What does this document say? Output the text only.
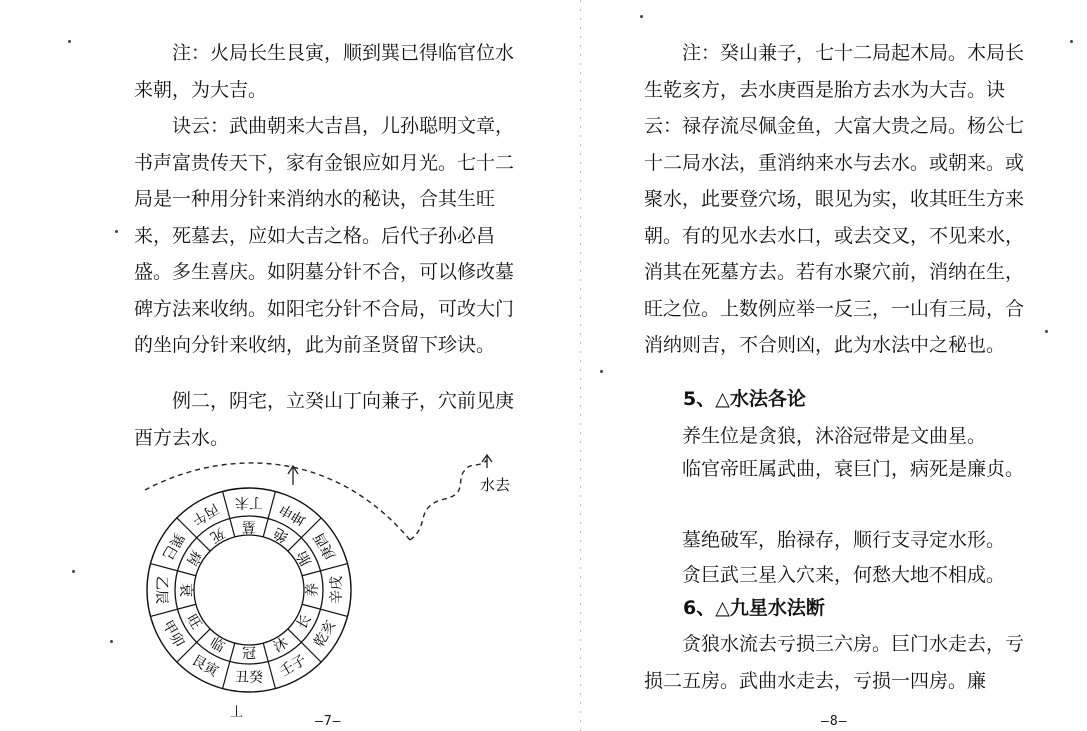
　　注：火局长生艮寅，顺到巽已得临官位水来朝，为大吉。
　　诀云：武曲朝来大吉昌，儿孙聪明文章，书声富贵传天下，家有金银应如月光。七十二局是一种用分针来消纳水的秘诀，合其生旺来，死墓去，应如大吉之格。后代子孙必昌盛。多生喜庆。如阴墓分针不合，可以修改墓碑方法来收纳。如阳宅分针不合局，可改大门的坐向分针来收纳，此为前圣贤留下珍诀。
　　例二，阴宅，立癸山丁向兼子，穴前见庚酉方去水。
水去
丁未 坤申
庚酉
辛戌
乾亥
壬子
丑癸
艮寅
甲卯
乙辰
巽巳
丙午 墓 绝
胎
养
长
沐
冠
临
旺
衰
病
死
丄
—7—
　　注：癸山兼子，七十二局起木局。木局长生乾亥方，去水庚酉是胎方去水为大吉。诀云：禄存流尽佩金鱼，大富大贵之局。杨公七十二局水法，重消纳来水与去水。或朝来。或聚水，此要登穴场，眼见为实，收其旺生方来朝。有的见水去水口，或去交叉，不见来水，消其在死墓方去。若有水聚穴前，消纳在生，旺之位。上数例应举一反三，一山有三局，合消纳则吉，不合则凶，此为水法中之秘也。
5、△水法各论
　　养生位是贪狼，沐浴冠带是文曲星。
　　临官帝旺属武曲，衰巨门，病死是廉贞。
　　墓绝破军，胎禄存，顺行支寻定水形。
　　贪巨武三星入穴来，何愁大地不相成。
6、△九星水法断
　　贪狼水流去亏损三六房。巨门水走去，亏损二五房。武曲水走去，亏损一四房。廉
—8—
